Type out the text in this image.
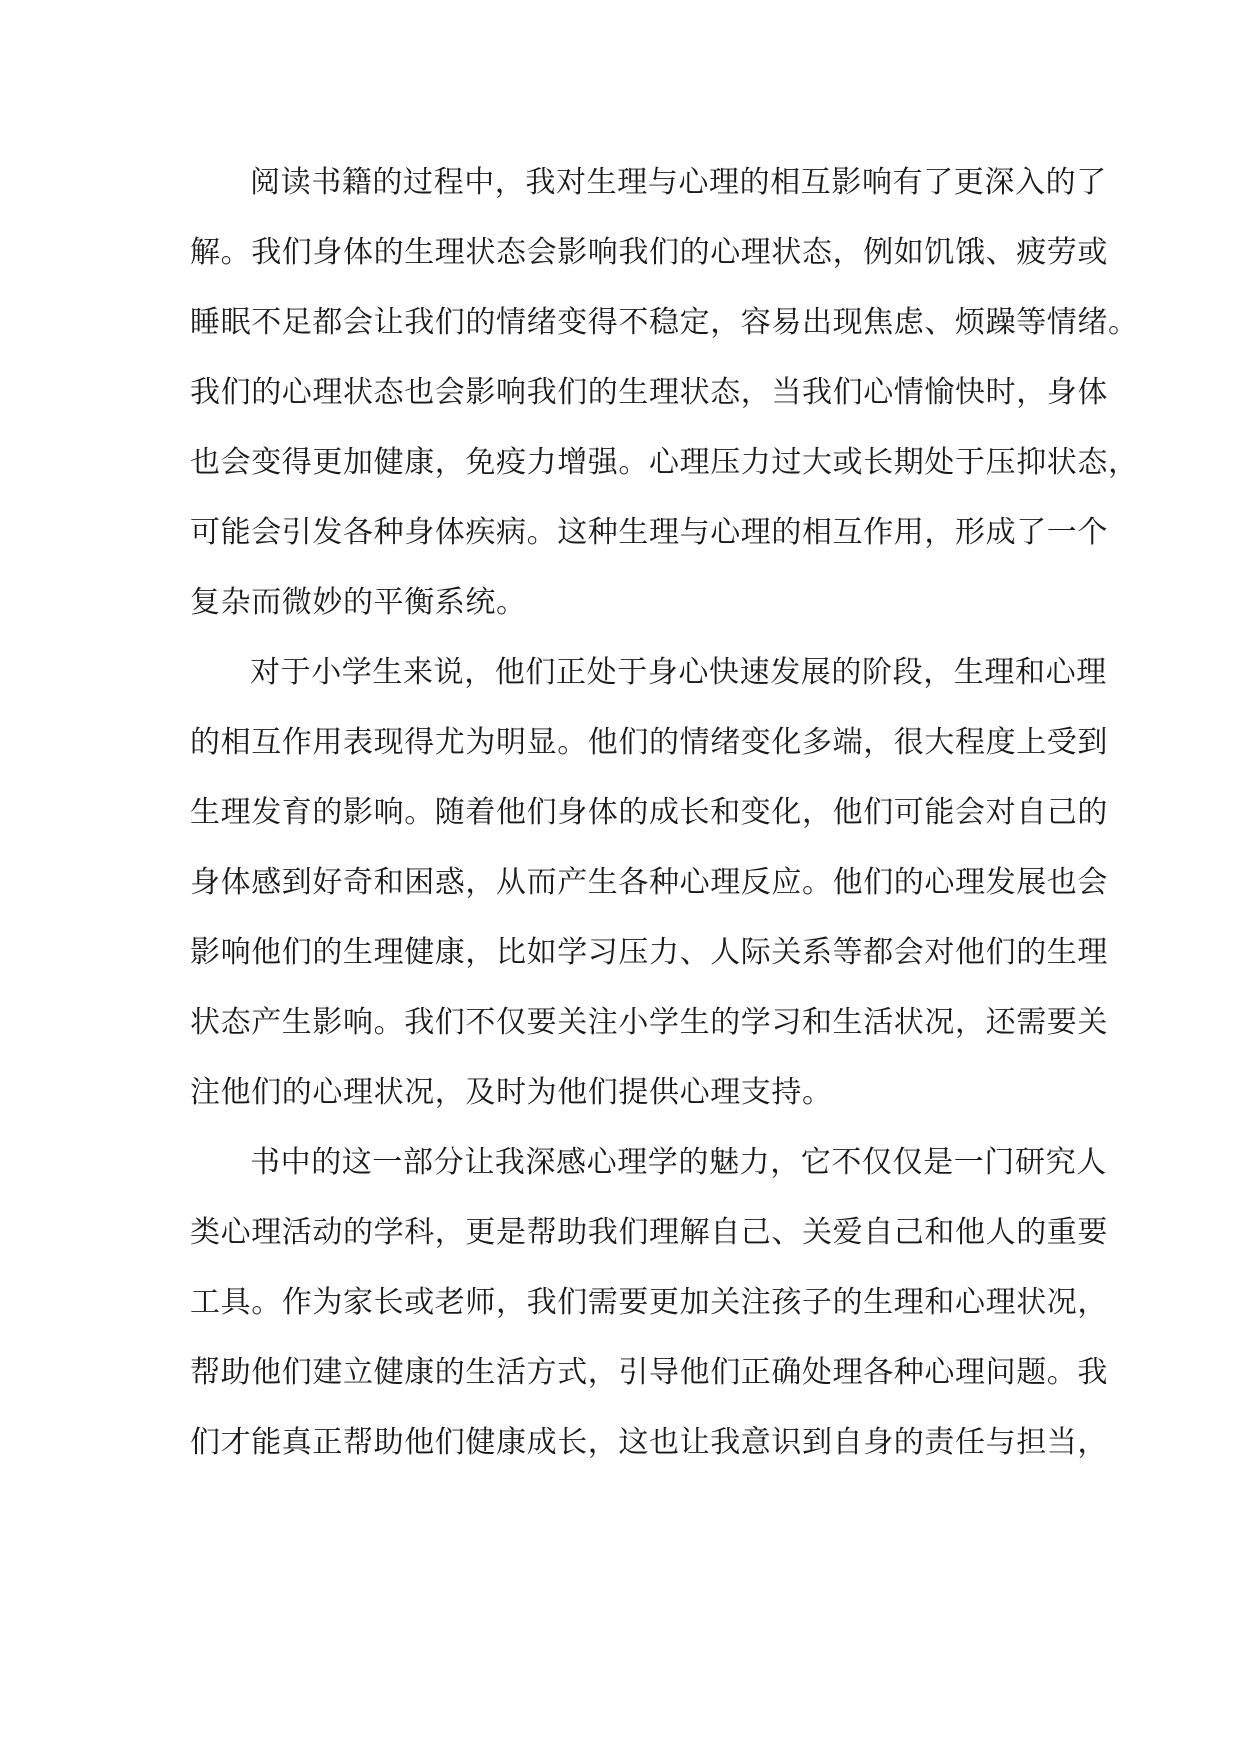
阅读书籍的过程中，我对生理与心理的相互影响有了更深入的了
解。我们身体的生理状态会影响我们的心理状态，例如饥饿、疲劳或
睡眠不足都会让我们的情绪变得不稳定，容易出现焦虑、烦躁等情绪。
我们的心理状态也会影响我们的生理状态，当我们心情愉快时，身体
也会变得更加健康，免疫力增强。心理压力过大或长期处于压抑状态，
可能会引发各种身体疾病。这种生理与心理的相互作用，形成了一个
复杂而微妙的平衡系统。
对于小学生来说，他们正处于身心快速发展的阶段，生理和心理
的相互作用表现得尤为明显。他们的情绪变化多端，很大程度上受到
生理发育的影响。随着他们身体的成长和变化，他们可能会对自己的
身体感到好奇和困惑，从而产生各种心理反应。他们的心理发展也会
影响他们的生理健康，比如学习压力、人际关系等都会对他们的生理
状态产生影响。我们不仅要关注小学生的学习和生活状况，还需要关
注他们的心理状况，及时为他们提供心理支持。
书中的这一部分让我深感心理学的魅力，它不仅仅是一门研究人
类心理活动的学科，更是帮助我们理解自己、关爱自己和他人的重要
工具。作为家长或老师，我们需要更加关注孩子的生理和心理状况，
帮助他们建立健康的生活方式，引导他们正确处理各种心理问题。我
们才能真正帮助他们健康成长，这也让我意识到自身的责任与担当，
